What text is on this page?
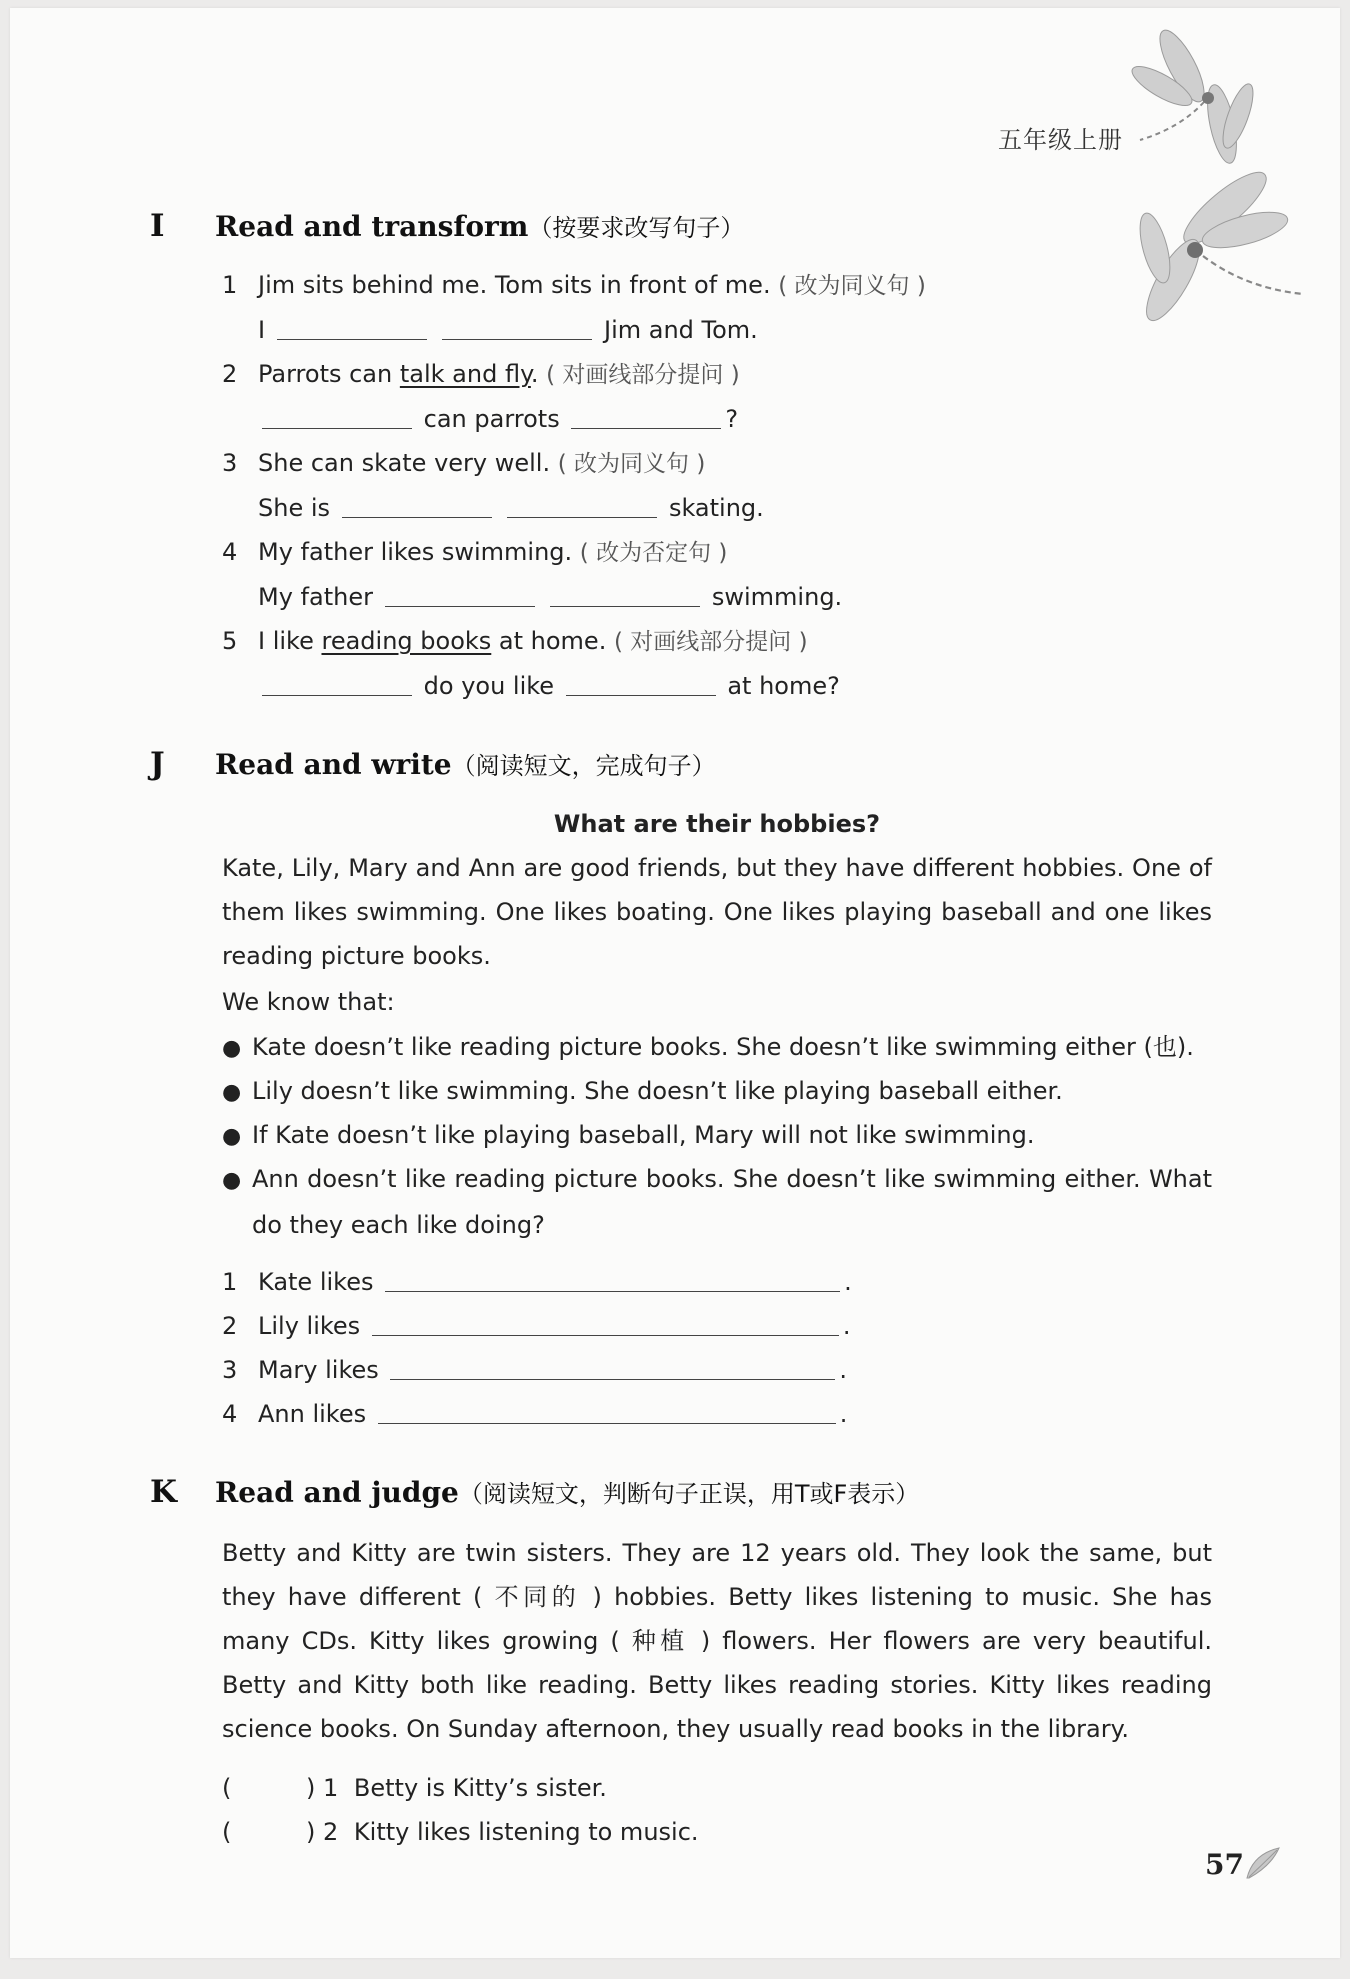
五年级上册
I Read and transform（按要求改写句子）
1 Jim sits behind me. Tom sits in front of me. ( 改为同义句 )
I	Jim and Tom.
2 Parrots can talk and fly. ( 对画线部分提问 )
can parrots	?
3 She can skate very well. ( 改为同义句 )
She is	skating.
4 My father likes swimming. ( 改为否定句 )
My father	swimming.
5 I like reading books at home. ( 对画线部分提问 )
do you like	at home?
J Read and write（阅读短文，完成句子）
What are their hobbies?
Kate, Lily, Mary and Ann are good friends, but they have different hobbies. One of them likes swimming. One likes boating. One likes playing baseball and one likes reading picture books.
We know that:
● Kate doesn’t like reading picture books. She doesn’t like swimming either (也).
● Lily doesn’t like swimming. She doesn’t like playing baseball either.
● If Kate doesn’t like playing baseball, Mary will not like swimming.
● Ann doesn’t like reading picture books. She doesn’t like swimming either. What do they each like doing?
1 Kate likes	.
2 Lily likes	.
3 Mary likes	.
4 Ann likes	.
K Read and judge（阅读短文，判断句子正误，用T或F表示）
Betty and Kitty are twin sisters. They are 12 years old. They look the same, but they have different ( 不同的 ) hobbies. Betty likes listening to music. She has many CDs. Kitty likes growing ( 种植 ) flowers. Her flowers are very beautiful. Betty and Kitty both like reading. Betty likes reading stories. Kitty likes reading science books. On Sunday afternoon, they usually read books in the library.
(	) 1 Betty is Kitty’s sister.
(	) 2 Kitty likes listening to music.
57
